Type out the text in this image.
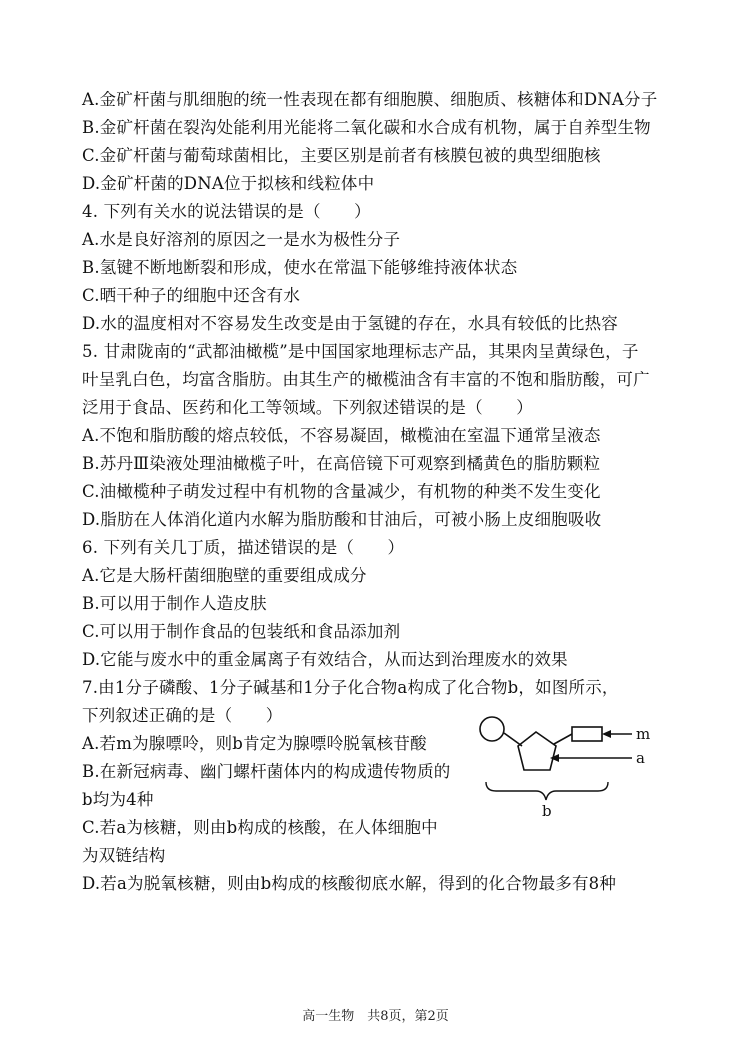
A.金矿杆菌与肌细胞的统一性表现在都有细胞膜、细胞质、核糖体和DNA分子
B.金矿杆菌在裂沟处能利用光能将二氧化碳和水合成有机物，属于自养型生物
C.金矿杆菌与葡萄球菌相比，主要区别是前者有核膜包被的典型细胞核
D.金矿杆菌的DNA位于拟核和线粒体中
4. 下列有关水的说法错误的是（　　）
A.水是良好溶剂的原因之一是水为极性分子
B.氢键不断地断裂和形成，使水在常温下能够维持液体状态
C.晒干种子的细胞中还含有水
D.水的温度相对不容易发生改变是由于氢键的存在，水具有较低的比热容
5. 甘肃陇南的“武都油橄榄”是中国国家地理标志产品，其果肉呈黄绿色，子
叶呈乳白色，均富含脂肪。由其生产的橄榄油含有丰富的不饱和脂肪酸，可广
泛用于食品、医药和化工等领域。下列叙述错误的是（　　）
A.不饱和脂肪酸的熔点较低，不容易凝固，橄榄油在室温下通常呈液态
B.苏丹Ⅲ染液处理油橄榄子叶，在高倍镜下可观察到橘黄色的脂肪颗粒
C.油橄榄种子萌发过程中有机物的含量减少，有机物的种类不发生变化
D.脂肪在人体消化道内水解为脂肪酸和甘油后，可被小肠上皮细胞吸收
6. 下列有关几丁质，描述错误的是（　　）
A.它是大肠杆菌细胞壁的重要组成成分
B.可以用于制作人造皮肤
C.可以用于制作食品的包装纸和食品添加剂
D.它能与废水中的重金属离子有效结合，从而达到治理废水的效果
7.由1分子磷酸、1分子碱基和1分子化合物a构成了化合物b，如图所示，
下列叙述正确的是（　　）
A.若m为腺嘌呤，则b肯定为腺嘌呤脱氧核苷酸
B.在新冠病毒、幽门螺杆菌体内的构成遗传物质的
b均为4种
C.若a为核糖，则由b构成的核酸，在人体细胞中
为双链结构
D.若a为脱氧核糖，则由b构成的核酸彻底水解，得到的化合物最多有8种
m
a
b
高一生物　共8页，第2页
